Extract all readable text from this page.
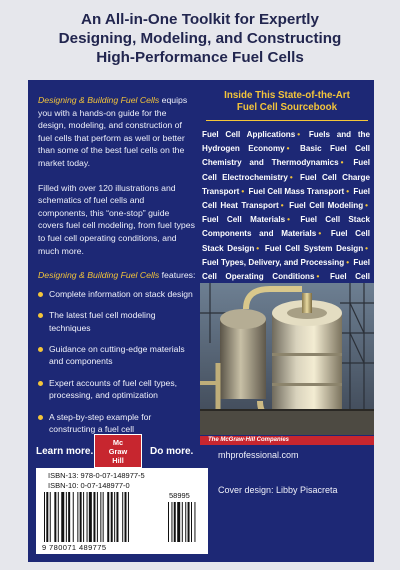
An All-in-One Toolkit for Expertly
Designing, Modeling, and Constructing
High-Performance Fuel Cells

Designing & Building Fuel Cells equips you with a hands-on guide for the design, modeling, and construction of fuel cells that perform as well or better than some of the best fuel cells on the market today.

Filled with over 120 illustrations and schematics of fuel cells and components, this “one-stop” guide covers fuel cell modeling, from fuel types to fuel cell operating conditions, and much more.

Designing & Building Fuel Cells features:
Complete information on stack design
The latest fuel cell modeling techniques
Guidance on cutting-edge materials and components
Expert accounts of fuel cell types, processing, and optimization
A step-by-step example for constructing a fuel cell
Inside This State-of-the-Art
Fuel Cell Sourcebook
Fuel Cell Applications • Fuels and the Hydrogen Economy • Basic Fuel Cell Chemistry and Thermodynamics • Fuel Cell Electrochemistry • Fuel Cell Charge Transport • Fuel Cell Mass Transport • Fuel Cell Heat Transport • Fuel Cell Modeling • Fuel Cell Materials • Fuel Cell Stack Components and Materials • Fuel Cell Stack Design • Fuel Cell System Design • Fuel Types, Delivery, and Processing • Fuel Cell Operating Conditions • Fuel Cell
The McGraw·Hill Companies
mhprofessional.com
Cover design: Libby Pisacreta
Learn more.
Mc
Graw
Hill
Do more.
ISBN-13: 978-0-07-148977-5
ISBN-10: 0-07-148977-0
58995
9 780071 489775
